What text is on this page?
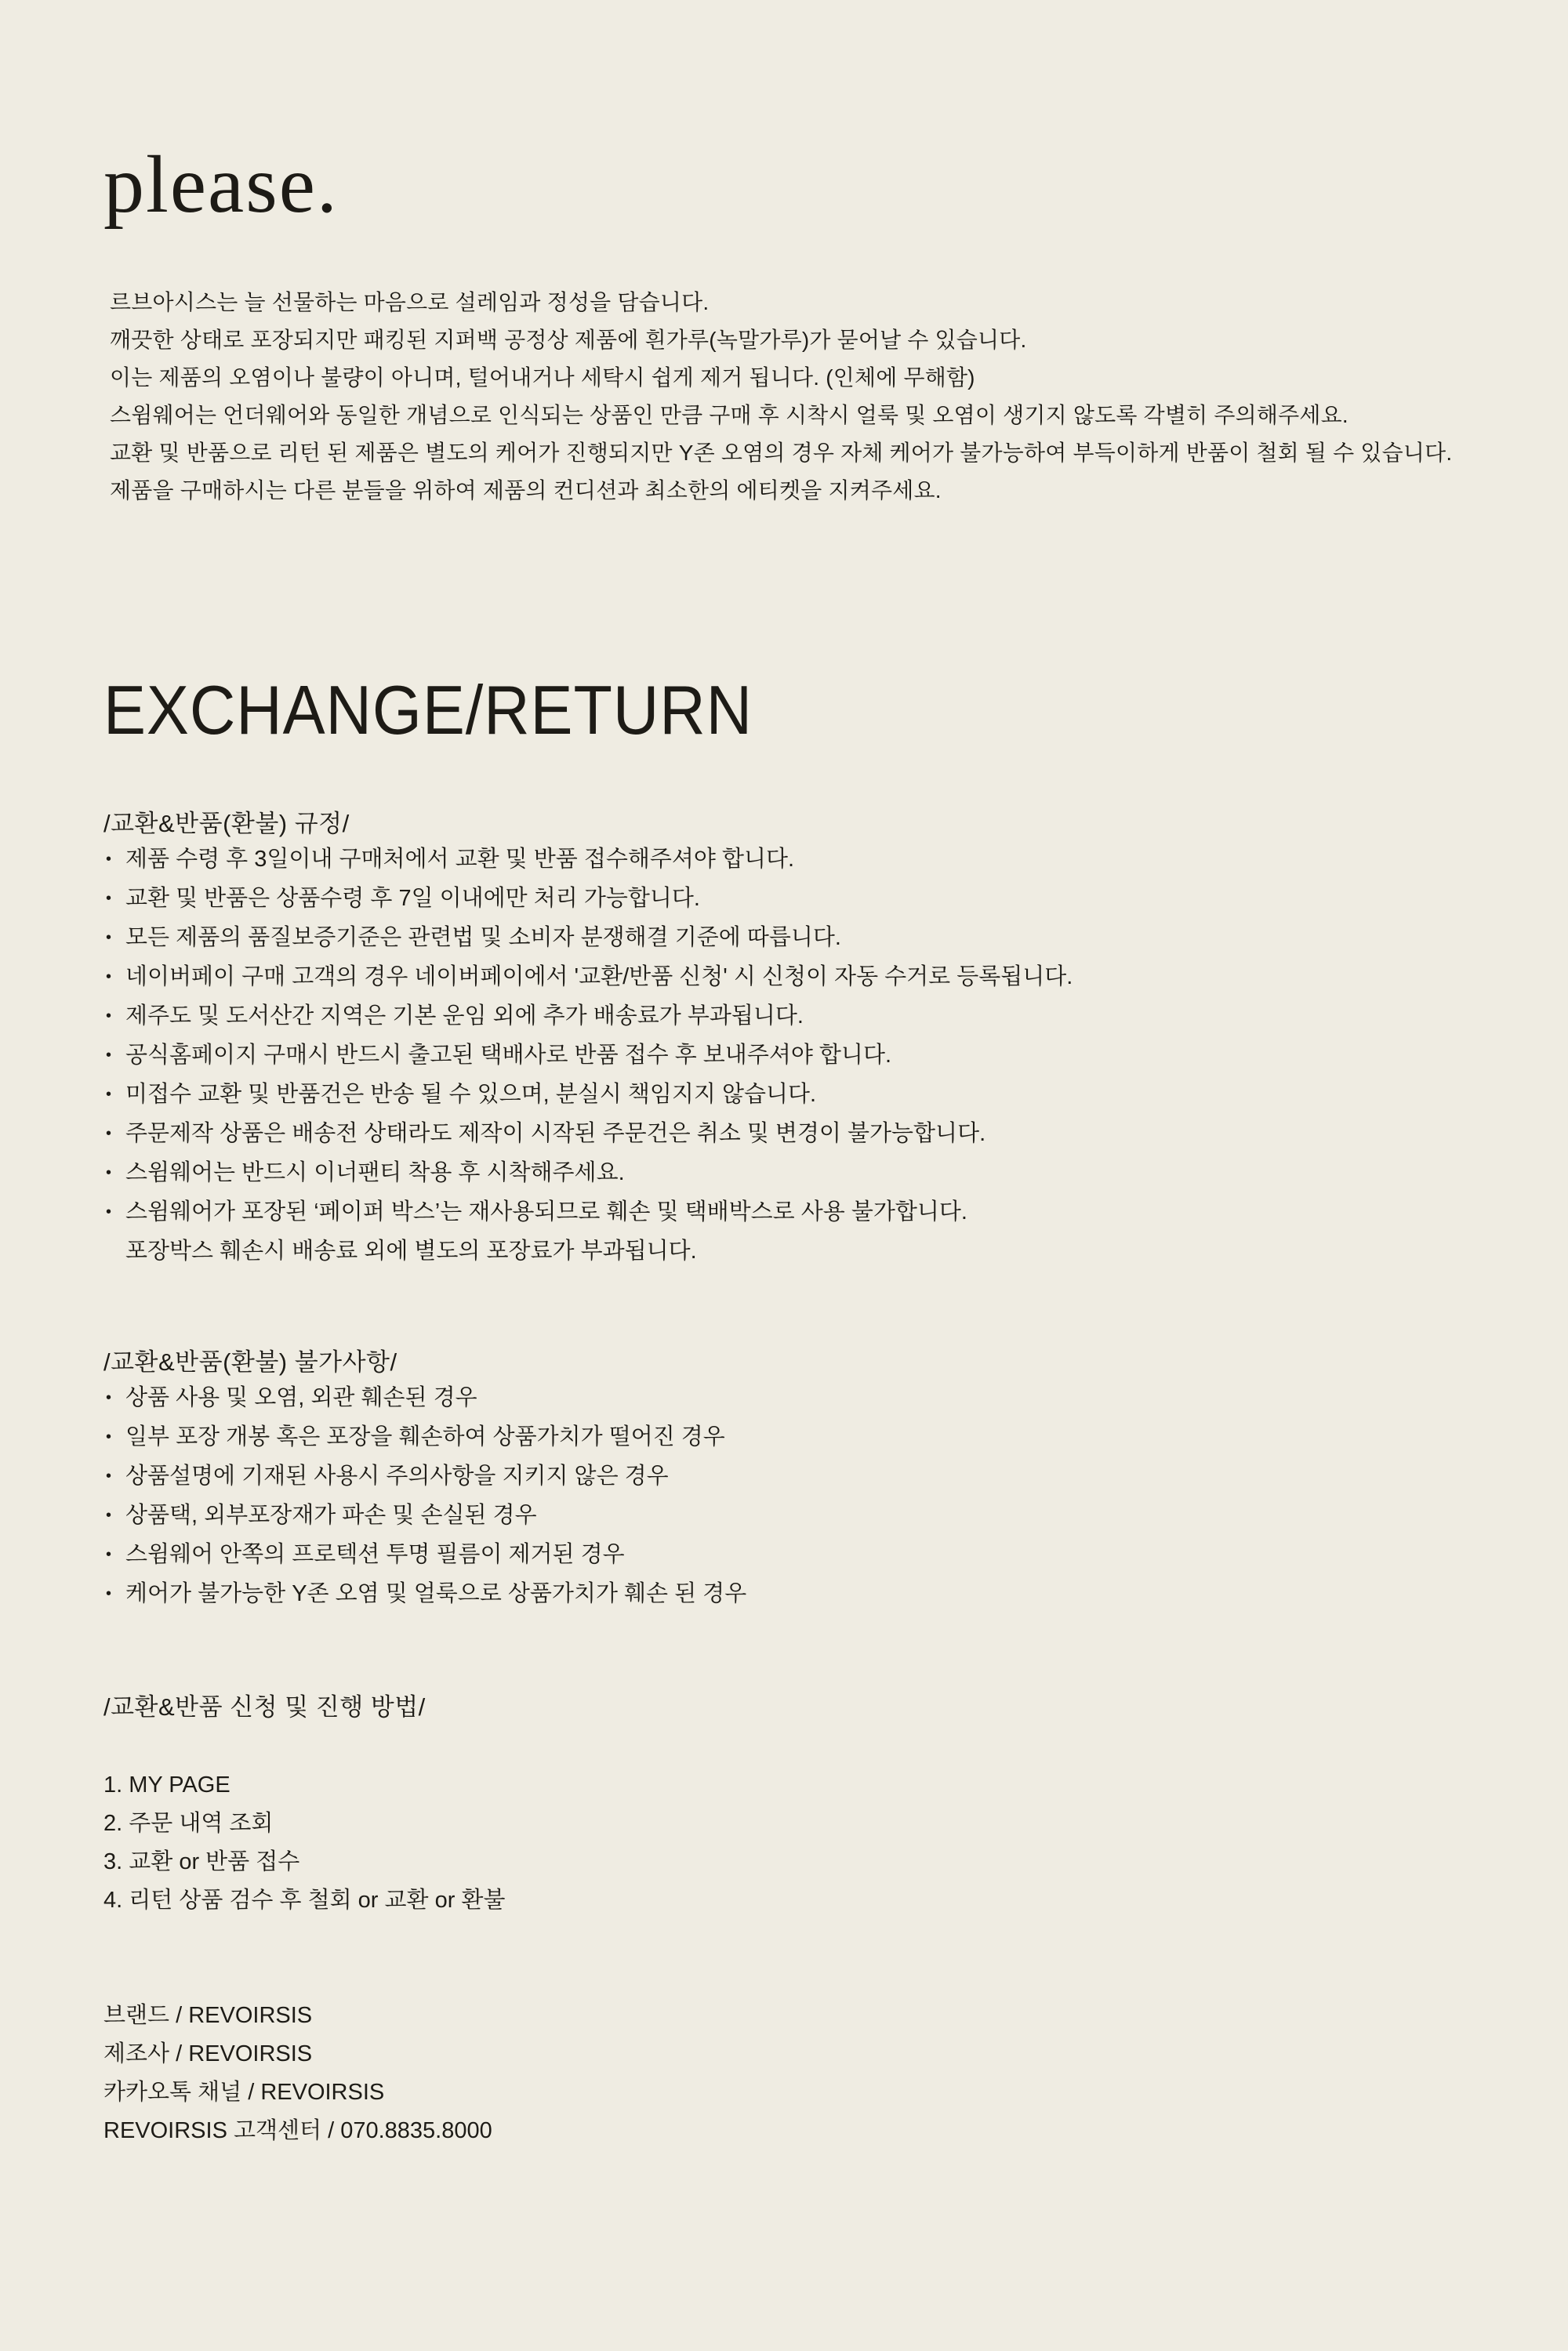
please.

르브아시스는 늘 선물하는 마음으로 설레임과 정성을 담습니다.

깨끗한 상태로 포장되지만 패킹된 지퍼백 공정상 제품에 흰가루(녹말가루)가 묻어날 수 있습니다.

이는 제품의 오염이나 불량이 아니며, 털어내거나 세탁시 쉽게 제거 됩니다. (인체에 무해함)

스윔웨어는 언더웨어와 동일한 개념으로 인식되는 상품인 만큼 구매 후 시착시 얼룩 및 오염이 생기지 않도록 각별히 주의해주세요.

교환 및 반품으로 리턴 된 제품은 별도의 케어가 진행되지만 Y존 오염의 경우 자체 케어가 불가능하여 부득이하게 반품이 철회 될 수 있습니다.

제품을 구매하시는 다른 분들을 위하여 제품의 컨디션과 최소한의 에티켓을 지켜주세요.

EXCHANGE/RETURN
/교환&반품(환불) 규정/
• 제품 수령 후 3일이내 구매처에서 교환 및 반품 접수해주셔야 합니다.
• 교환 및 반품은 상품수령 후 7일 이내에만 처리 가능합니다.
• 모든 제품의 품질보증기준은 관련법 및 소비자 분쟁해결 기준에 따릅니다.
• 네이버페이 구매 고객의 경우 네이버페이에서 '교환/반품 신청' 시 신청이 자동 수거로 등록됩니다.
• 제주도 및 도서산간 지역은 기본 운임 외에 추가 배송료가 부과됩니다.
• 공식홈페이지 구매시 반드시 출고된 택배사로 반품 접수 후 보내주셔야 합니다.
• 미접수 교환 및 반품건은 반송 될 수 있으며, 분실시 책임지지 않습니다.
• 주문제작 상품은 배송전 상태라도 제작이 시작된 주문건은 취소 및 변경이 불가능합니다.
• 스윔웨어는 반드시 이너팬티 착용 후 시착해주세요.
• 스윔웨어가 포장된 ‘페이퍼 박스’는 재사용되므로 훼손 및 택배박스로 사용 불가합니다.
포장박스 훼손시 배송료 외에 별도의 포장료가 부과됩니다.
/교환&반품(환불) 불가사항/
• 상품 사용 및 오염, 외관 훼손된 경우
• 일부 포장 개봉 혹은 포장을 훼손하여 상품가치가 떨어진 경우
• 상품설명에 기재된 사용시 주의사항을 지키지 않은 경우
• 상품택, 외부포장재가 파손 및 손실된 경우
• 스윔웨어 안쪽의 프로텍션 투명 필름이 제거된 경우
• 케어가 불가능한 Y존 오염 및 얼룩으로 상품가치가 훼손 된 경우
/교환&반품 신청 및 진행 방법/
1. MY PAGE
2. 주문 내역 조회
3. 교환 or 반품 접수
4. 리턴 상품 검수 후 철회 or 교환 or 환불

브랜드 / REVOIRSIS

제조사 / REVOIRSIS

카카오톡 채널 / REVOIRSIS

REVOIRSIS 고객센터 / 070.8835.8000
